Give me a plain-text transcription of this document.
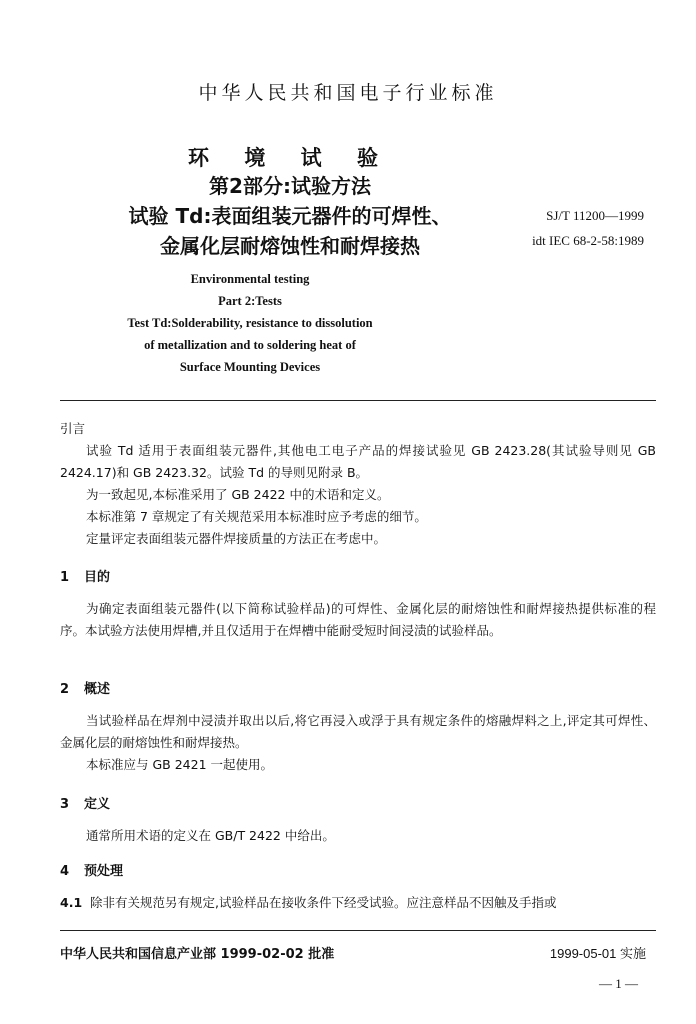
中华人民共和国电子行业标准
环 境 试 验
第2部分:试验方法
试验 Td:表面组装元器件的可焊性、
金属化层耐熔蚀性和耐焊接热
SJ/T 11200—1999
idt IEC 68-2-58:1989
Environmental testing
Part 2:Tests
Test Td:Solderability, resistance to dissolution
of metallization and to soldering heat of
Surface Mounting Devices
引言
试验 Td 适用于表面组装元器件,其他电工电子产品的焊接试验见 GB 2423.28(其试验导则见 GB 2424.17)和 GB 2423.32。试验 Td 的导则见附录 B。
为一致起见,本标准采用了 GB 2422 中的术语和定义。
本标准第 7 章规定了有关规范采用本标准时应予考虑的细节。
定量评定表面组装元器件焊接质量的方法正在考虑中。
1 目的
为确定表面组装元器件(以下简称试验样品)的可焊性、金属化层的耐熔蚀性和耐焊接热提供标准的程序。本试验方法使用焊槽,并且仅适用于在焊槽中能耐受短时间浸渍的试验样品。
2 概述
当试验样品在焊剂中浸渍并取出以后,将它再浸入或浮于具有规定条件的熔融焊料之上,评定其可焊性、金属化层的耐熔蚀性和耐焊接热。
本标准应与 GB 2421 一起使用。
3 定义
通常所用术语的定义在 GB/T 2422 中给出。
4 预处理
4.1 除非有关规范另有规定,试验样品在接收条件下经受试验。应注意样品不因触及手指或
中华人民共和国信息产业部 1999-02-02 批准	1999-05-01 实施
— 1 —
